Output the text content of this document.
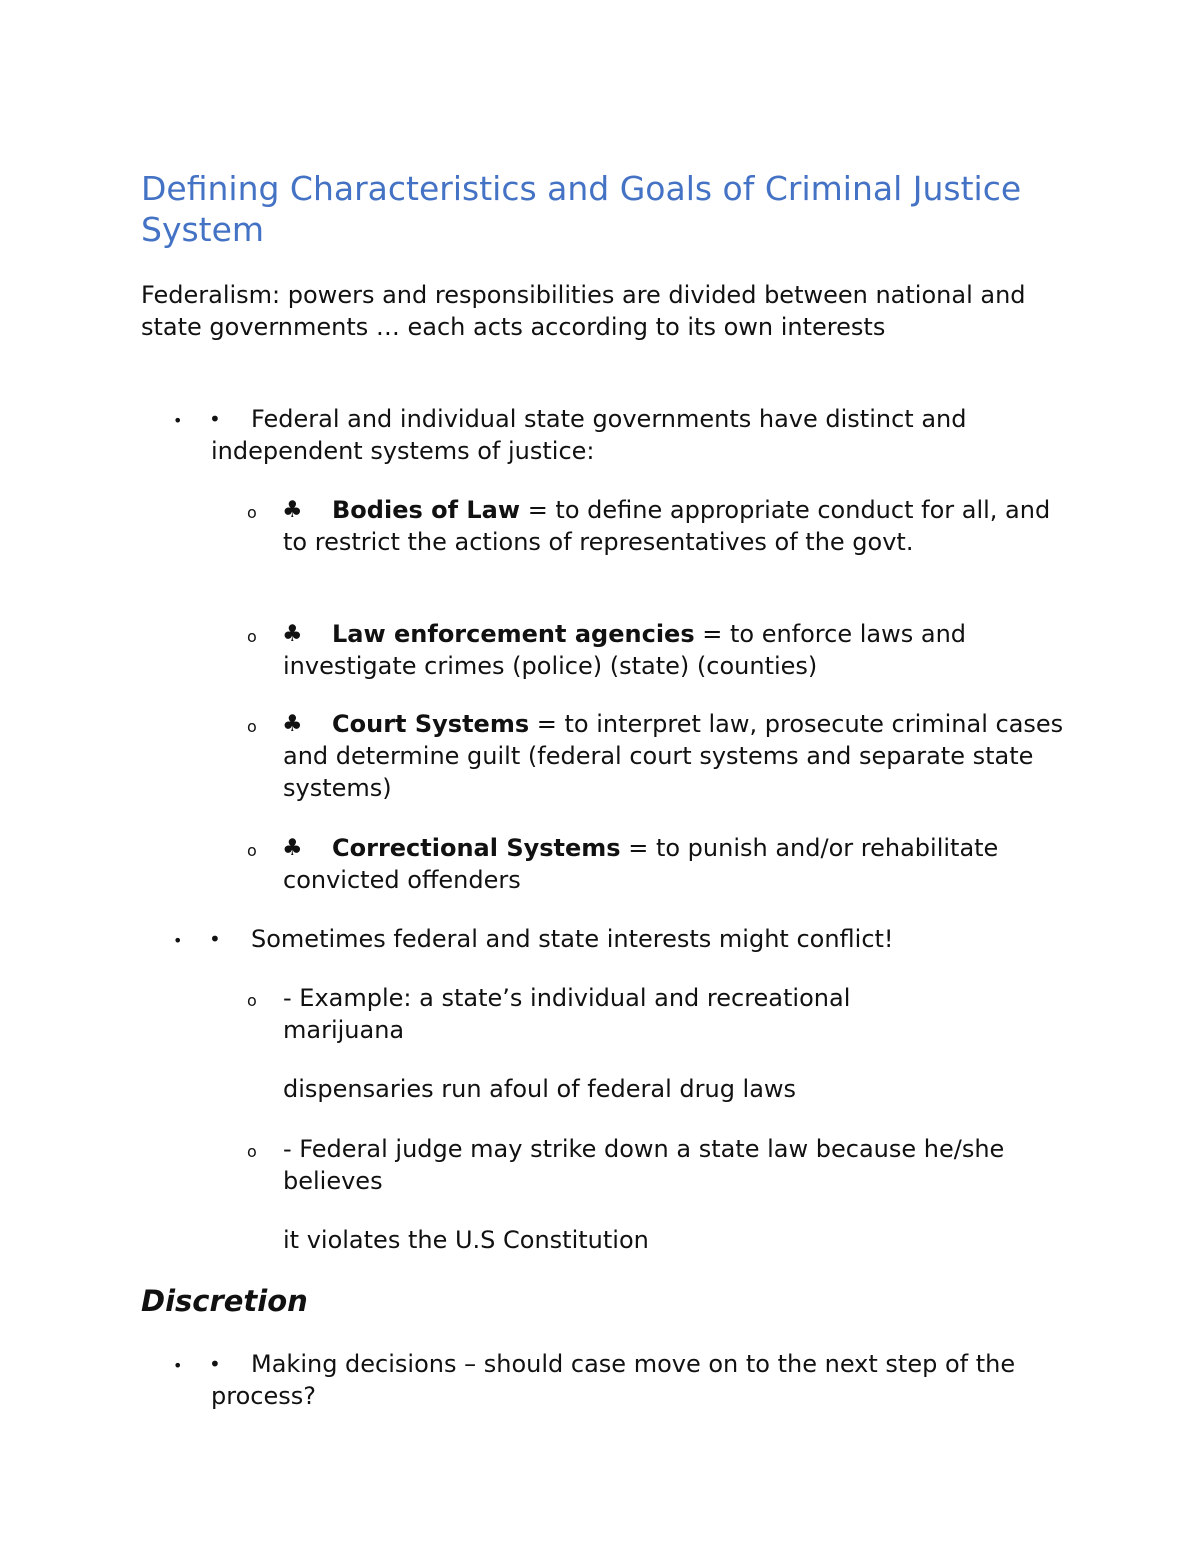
Defining Characteristics and Goals of Criminal Justice System

Federalism: powers and responsibilities are divided between national and state governments … each acts according to its own interests

• •	Federal and individual state governments have distinct and independent systems of justice:
o ♣	Bodies of Law = to define appropriate conduct for all, and to restrict the actions of representatives of the govt.
o ♣	Law enforcement agencies = to enforce laws and investigate crimes (police) (state) (counties)
o ♣	Court Systems = to interpret law, prosecute criminal cases and determine guilt (federal court systems and separate state systems)
o ♣	Correctional Systems = to punish and/or rehabilitate convicted offenders
• •	Sometimes federal and state interests might conflict!
o - Example: a state’s individual and recreational marijuana

dispensaries run afoul of federal drug laws

o - Federal judge may strike down a state law because he/she believes

it violates the U.S Constitution

Discretion
• •	Making decisions – should case move on to the next step of the process?
